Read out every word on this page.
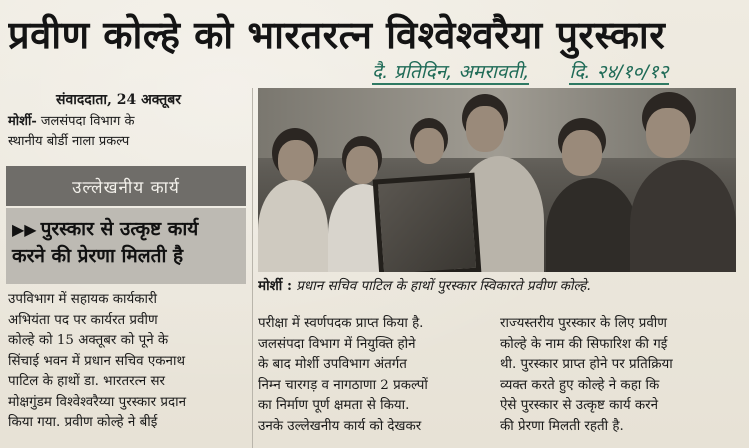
प्रवीण कोल्हे को भारतरत्न विश्वेश्वरैया पुरस्कार
दै. प्रतिदिन, अमरावती, दि. २४/१०/१२
संवाददाता, 24 अक्तूबर
मोर्शी- जलसंपदा विभाग के
स्थानीय बोर्डी नाला प्रकल्प
उल्लेखनीय कार्य
▶▶ पुरस्कार से उत्कृष्ट कार्य
करने की प्रेरणा मिलती है
उपविभाग में सहायक कार्यकारी
अभियंता पद पर कार्यरत प्रवीण
कोल्हे को 15 अक्तूबर को पूने के
सिंचाई भवन में प्रधान सचिव एकनाथ
पाटिल के हाथों डा. भारतरत्न सर
मोक्षगुंडम विश्वेश्वरैय्या पुरस्कार प्रदान
किया गया. प्रवीण कोल्हे ने बीई
मोर्शी : प्रधान सचिव पाटिल के हाथों पुरस्कार स्विकारते प्रवीण कोल्हे.
परीक्षा में स्वर्णपदक प्राप्त किया है.
जलसंपदा विभाग में नियुक्ति होने
के बाद मोर्शी उपविभाग अंतर्गत
निम्न चारगड़ व नागठाणा 2 प्रकल्पों
का निर्माण पूर्ण क्षमता से किया.
उनके उल्लेखनीय कार्य को देखकर
राज्यस्तरीय पुरस्कार के लिए प्रवीण
कोल्हे के नाम की सिफारिश की गई
थी. पुरस्कार प्राप्त होने पर प्रतिक्रिया
व्यक्त करते हुए कोल्हे ने कहा कि
ऐसे पुरस्कार से उत्कृष्ट कार्य करने
की प्रेरणा मिलती रहती है.
